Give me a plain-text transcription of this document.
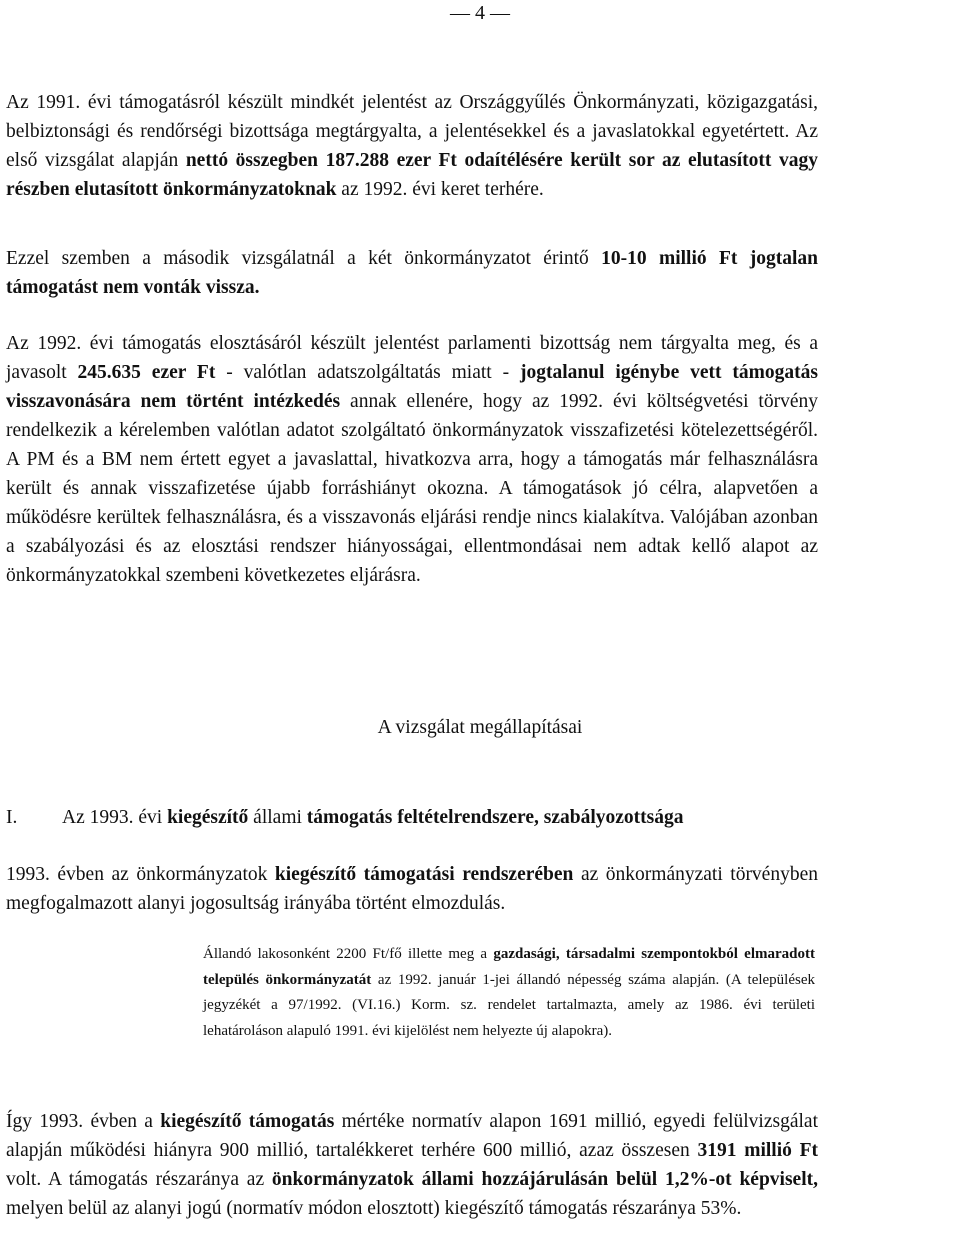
— 4 —

Az 1991. évi támogatásról készült mindkét jelentést az Országgyűlés Önkormányzati, közigazgatási, belbiztonsági és rendőrségi bizottsága megtárgyalta, a jelentésekkel és a javaslatokkal egyetértett. Az első vizsgálat alapján nettó összegben 187.288 ezer Ft odaítélésére került sor az elutasított vagy részben elutasított önkormányzatoknak az 1992. évi keret terhére.

Ezzel szemben a második vizsgálatnál a két önkormányzatot érintő 10-10 millió Ft jogtalan támogatást nem vonták vissza.

Az 1992. évi támogatás elosztásáról készült jelentést parlamenti bizottság nem tárgyalta meg, és a javasolt 245.635 ezer Ft - valótlan adatszolgáltatás miatt - jogtalanul igénybe vett támogatás visszavonására nem történt intézkedés annak ellenére, hogy az 1992. évi költségvetési törvény rendelkezik a kérelemben valótlan adatot szolgáltató önkormányzatok visszafizetési kötelezettségéről. A PM és a BM nem értett egyet a javaslattal, hivatkozva arra, hogy a támogatás már felhasználásra került és annak visszafizetése újabb forráshiányt okozna. A támogatások jó célra, alapvetően a működésre kerültek felhasználásra, és a visszavonás eljárási rendje nincs kialakítva. Valójában azonban a szabályozási és az elosztási rendszer hiányosságai, ellentmondásai nem adtak kellő alapot az önkormányzatokkal szembeni következetes eljárásra.

A vizsgálat megállapításai
I. Az 1993. évi kiegészítő állami támogatás feltételrendszere, szabályozottsága

1993. évben az önkormányzatok kiegészítő támogatási rendszerében az önkormányzati törvényben megfogalmazott alanyi jogosultság irányába történt elmozdulás.

Állandó lakosonként 2200 Ft/fő illette meg a gazdasági, társadalmi szempontokból elmaradott település önkormányzatát az 1992. január 1-jei állandó népesség száma alapján. (A települések jegyzékét a 97/1992. (VI.16.) Korm. sz. rendelet tartalmazta, amely az 1986. évi területi lehatároláson alapuló 1991. évi kijelölést nem helyezte új alapokra).

Így 1993. évben a kiegészítő támogatás mértéke normatív alapon 1691 millió, egyedi felülvizsgálat alapján működési hiányra 900 millió, tartalékkeret terhére 600 millió, azaz összesen 3191 millió Ft volt. A támogatás részaránya az önkormányzatok állami hozzájárulásán belül 1,2%-ot képviselt, melyen belül az alanyi jogú (normatív módon elosztott) kiegészítő támogatás részaránya 53%.
